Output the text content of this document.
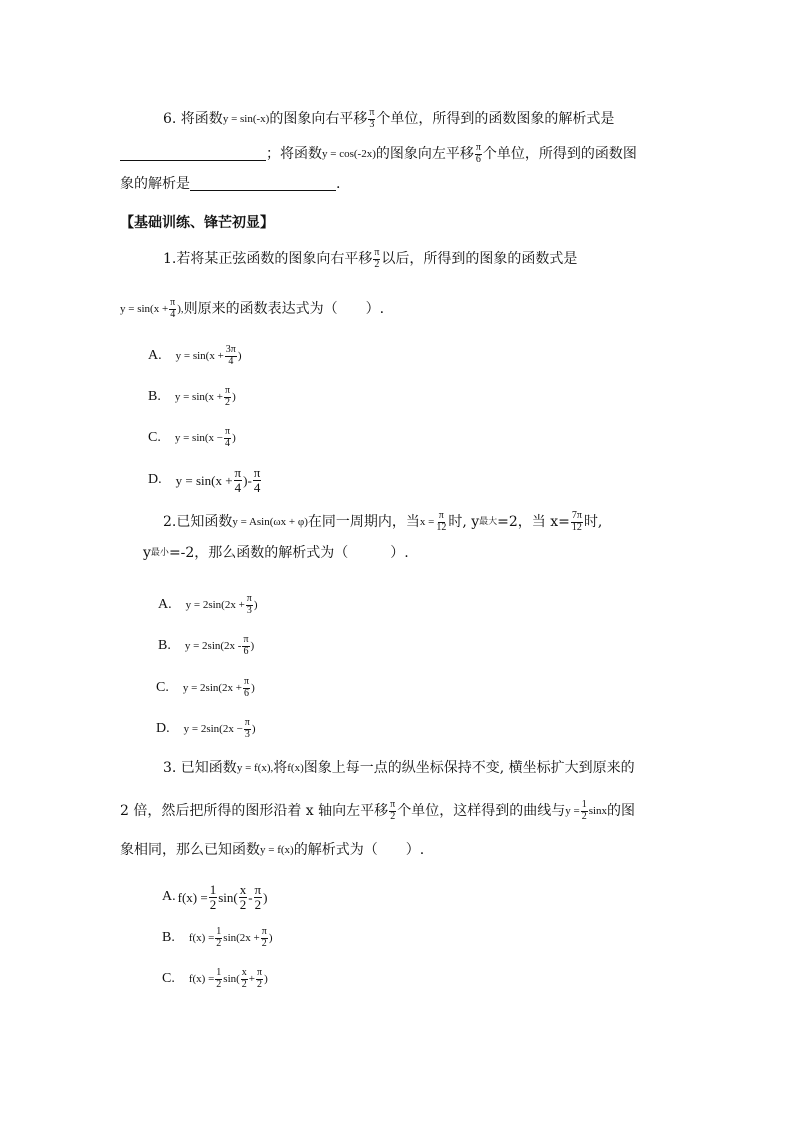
6. 将函数 y = sin(-x) 的图象向右平移 $\frac{\pi}{3}$ 个单位，所得到的函数图象的解析式是
；将函数 y = cos(-2x) 的图象向左平移 $\frac{\pi}{6}$ 个单位，所得到的函数图
象的解析是	.
【基础训练、锋芒初显】
1.若将某正弦函数的图象向右平移 $\frac{\pi}{2}$ 以后，所得到的图象的函数式是
$y = \sin(x + \frac{\pi}{4}$ ), 则原来的函数表达式为（　　）.
A. $y = \sin(x + \frac{3\pi}{4}$ )
B. $y = \sin(x + \frac{\pi}{2}$ )
C. $y = \sin(x - \frac{\pi}{4}$ )
D. $y = \sin(x + \frac{\pi}{4}$ )- $\frac{\pi}{4}$
2.已知函数 y = Asin(ωx + φ) 在同一周期内，当 $x = \frac{\pi}{12}$ 时, y 最大 =2，当 $x= \frac{7\pi}{12}$ 时,
y 最小 =-2，那么函数的解析式为（　　　）.
A. $y = 2\sin(2x + \frac{\pi}{3}$ )
B. $y = 2\sin(2x - \frac{\pi}{6}$ )
C. $y = 2\sin(2x + \frac{\pi}{6}$ )
D. $y = 2\sin(2x - \frac{\pi}{3}$ )
3. 已知函数 y = f(x), 将 f(x) 图象上每一点的纵坐标保持不变, 横坐标扩大到原来的
2 倍，然后把所得的图形沿着 x 轴向左平移 $\frac{\pi}{2}$ 个单位，这样得到的曲线与 $y = \frac{1}{2}$ sinx 的图
象相同，那么已知函数 y = f(x) 的解析式为（　　）.
A. $f(x) = \frac{1}{2} \sin( \frac{x}{2} - \frac{\pi}{2}$ )
B. $f(x) = \frac{1}{2} \sin(2x + \frac{\pi}{2}$ )
C. $f(x) = \frac{1}{2} \sin( \frac{x}{2} + \frac{\pi}{2}$ )
